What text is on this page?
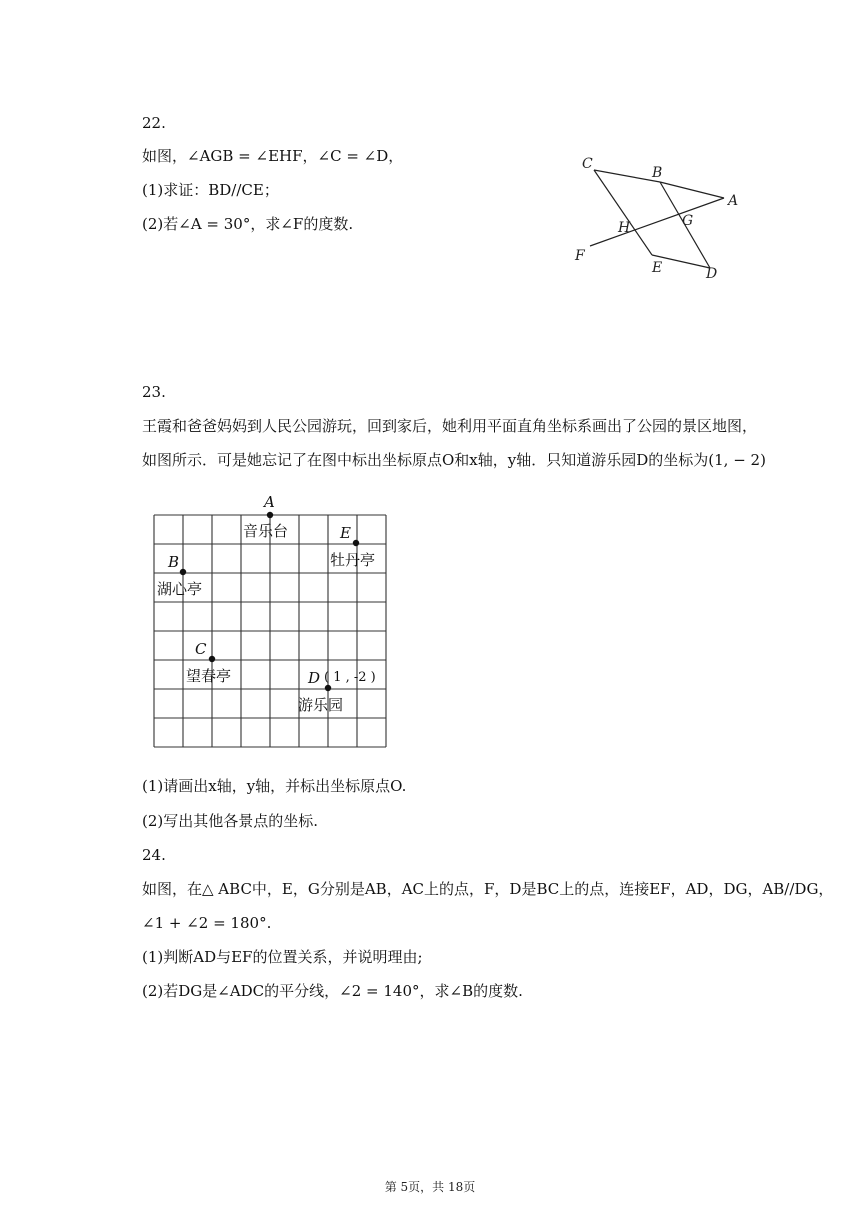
22.
如图，∠AGB = ∠EHF，∠C = ∠D，
(1)求证：BD//CE；
(2)若∠A = 30°，求∠F的度数.
C
B
A
H	G
F
E	D
23.
王霞和爸爸妈妈到人民公园游玩，回到家后，她利用平面直角坐标系画出了公园的景区地图，
如图所示．可是她忘记了在图中标出坐标原点O和x轴，y轴．只知道游乐园D的坐标为(1, − 2)
A
E
B
C
D
音乐台
牡丹亭
湖心亭
望春亭
游乐园
( 1 , -2 )
(1)请画出x轴，y轴，并标出坐标原点O.
(2)写出其他各景点的坐标.
24.
如图，在△ ABC中，E，G分别是AB，AC上的点，F，D是BC上的点，连接EF，AD，DG，AB//DG，
∠1 + ∠2 = 180°.
(1)判断AD与EF的位置关系，并说明理由;
(2)若DG是∠ADC的平分线，∠2 = 140°，求∠B的度数.
第 5页，共 18页
